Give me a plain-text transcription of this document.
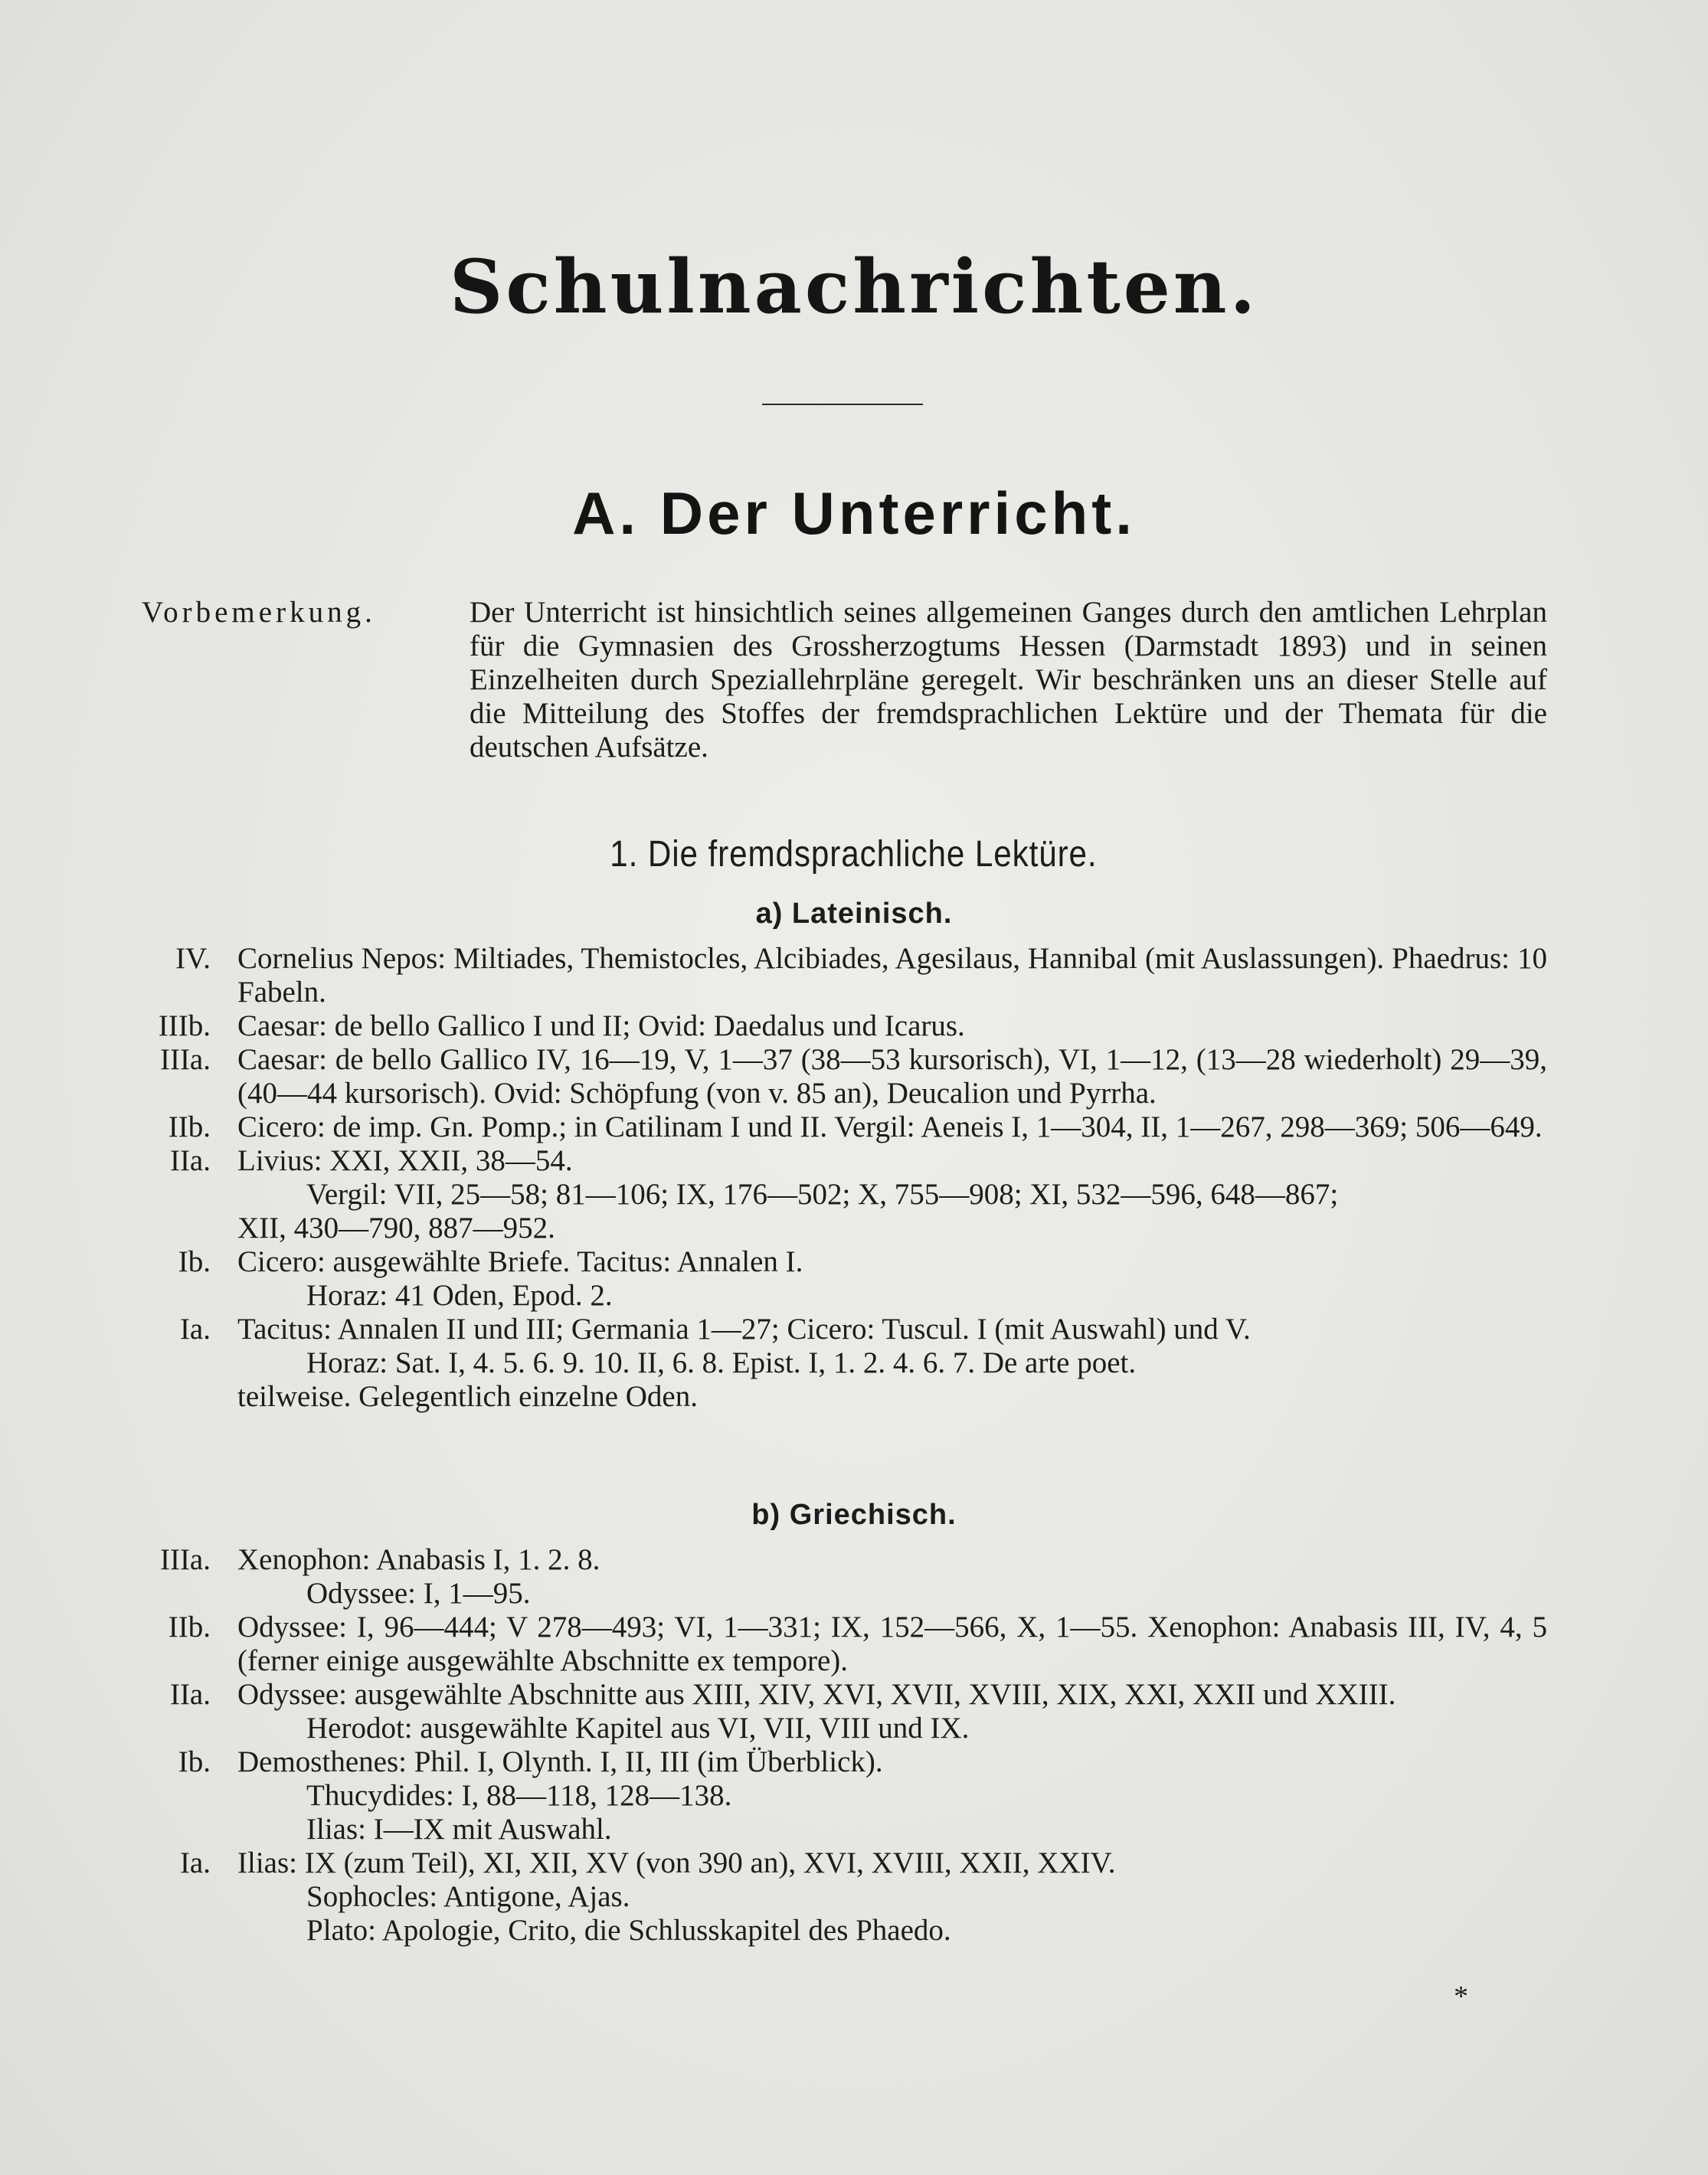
Schulnachrichten.
A. Der Unterricht.
Vorbemerkung.	Der Unterricht ist hinsichtlich seines allgemeinen Ganges durch den amtlichen Lehrplan für die Gymnasien des Grossherzogtums Hessen (Darmstadt 1893) und in seinen Einzelheiten durch Speziallehrpläne geregelt. Wir beschränken uns an dieser Stelle auf die Mitteilung des Stoffes der fremdsprachlichen Lektüre und der Themata für die deutschen Aufsätze.
1. Die fremdsprachliche Lektüre.
a) Lateinisch.
IV. Cornelius Nepos: Miltiades, Themistocles, Alcibiades, Agesilaus, Hannibal (mit Auslassungen). Phaedrus: 10 Fabeln.
IIIb. Caesar: de bello Gallico I und II; Ovid: Daedalus und Icarus.
IIIa. Caesar: de bello Gallico IV, 16—19, V, 1—37 (38—53 kursorisch), VI, 1—12, (13—28 wiederholt) 29—39, (40—44 kursorisch). Ovid: Schöpfung (von v. 85 an), Deucalion und Pyrrha.
IIb. Cicero: de imp. Gn. Pomp.; in Catilinam I und II. Vergil: Aeneis I, 1—304, II, 1—267, 298—369; 506—649.
IIa. Livius: XXI, XXII, 38—54.
Vergil: VII, 25—58; 81—106; IX, 176—502; X, 755—908; XI, 532—596, 648—867;
XII, 430—790, 887—952.
Ib. Cicero: ausgewählte Briefe. Tacitus: Annalen I.
Horaz: 41 Oden, Epod. 2.
Ia. Tacitus: Annalen II und III; Germania 1—27; Cicero: Tuscul. I (mit Auswahl) und V.
Horaz: Sat. I, 4. 5. 6. 9. 10. II, 6. 8. Epist. I, 1. 2. 4. 6. 7. De arte poet.
teilweise. Gelegentlich einzelne Oden.
b) Griechisch.
IIIa. Xenophon: Anabasis I, 1. 2. 8.
Odyssee: I, 1—95.
IIb. Odyssee: I, 96—444; V 278—493; VI, 1—331; IX, 152—566, X, 1—55. Xenophon: Anabasis III, IV, 4, 5 (ferner einige ausgewählte Abschnitte ex tempore).
IIa. Odyssee: ausgewählte Abschnitte aus XIII, XIV, XVI, XVII, XVIII, XIX, XXI, XXII und XXIII.
Herodot: ausgewählte Kapitel aus VI, VII, VIII und IX.
Ib. Demosthenes: Phil. I, Olynth. I, II, III (im Überblick).
Thucydides: I, 88—118, 128—138.
Ilias: I—IX mit Auswahl.
Ia. Ilias: IX (zum Teil), XI, XII, XV (von 390 an), XVI, XVIII, XXII, XXIV.
Sophocles: Antigone, Ajas.
Plato: Apologie, Crito, die Schlusskapitel des Phaedo.
*
